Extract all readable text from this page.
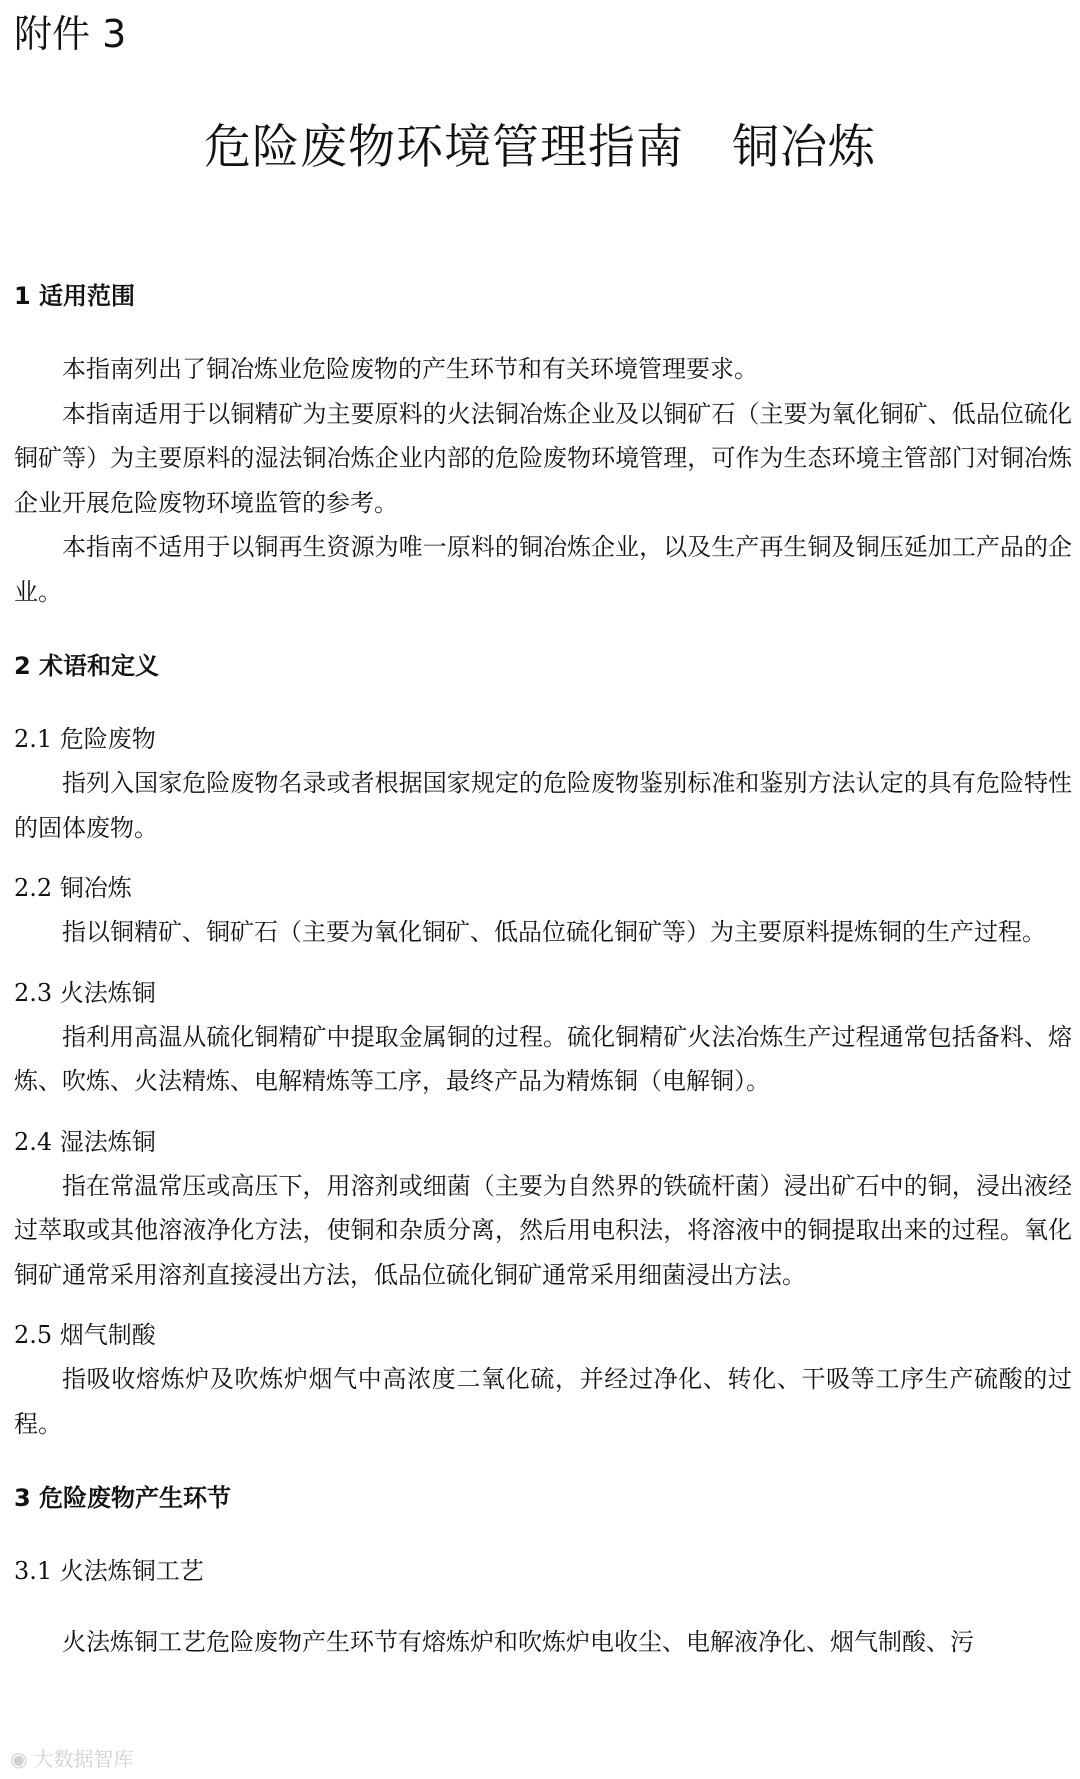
附件 3
危险废物环境管理指南 铜冶炼
1 适用范围

本指南列出了铜冶炼业危险废物的产生环节和有关环境管理要求。

本指南适用于以铜精矿为主要原料的火法铜冶炼企业及以铜矿石（主要为氧化铜矿、低品位硫化铜矿等）为主要原料的湿法铜冶炼企业内部的危险废物环境管理，可作为生态环境主管部门对铜冶炼企业开展危险废物环境监管的参考。

本指南不适用于以铜再生资源为唯一原料的铜冶炼企业，以及生产再生铜及铜压延加工产品的企业。

2 术语和定义
2.1 危险废物

指列入国家危险废物名录或者根据国家规定的危险废物鉴别标准和鉴别方法认定的具有危险特性的固体废物。

2.2 铜冶炼

指以铜精矿、铜矿石（主要为氧化铜矿、低品位硫化铜矿等）为主要原料提炼铜的生产过程。

2.3 火法炼铜

指利用高温从硫化铜精矿中提取金属铜的过程。硫化铜精矿火法冶炼生产过程通常包括备料、熔炼、吹炼、火法精炼、电解精炼等工序，最终产品为精炼铜（电解铜）。

2.4 湿法炼铜

指在常温常压或高压下，用溶剂或细菌（主要为自然界的铁硫杆菌）浸出矿石中的铜，浸出液经过萃取或其他溶液净化方法，使铜和杂质分离，然后用电积法，将溶液中的铜提取出来的过程。氧化铜矿通常采用溶剂直接浸出方法，低品位硫化铜矿通常采用细菌浸出方法。

2.5 烟气制酸

指吸收熔炼炉及吹炼炉烟气中高浓度二氧化硫，并经过净化、转化、干吸等工序生产硫酸的过程。

3 危险废物产生环节
3.1 火法炼铜工艺

火法炼铜工艺危险废物产生环节有熔炼炉和吹炼炉电收尘、电解液净化、烟气制酸、污

◉ 大数据智库
